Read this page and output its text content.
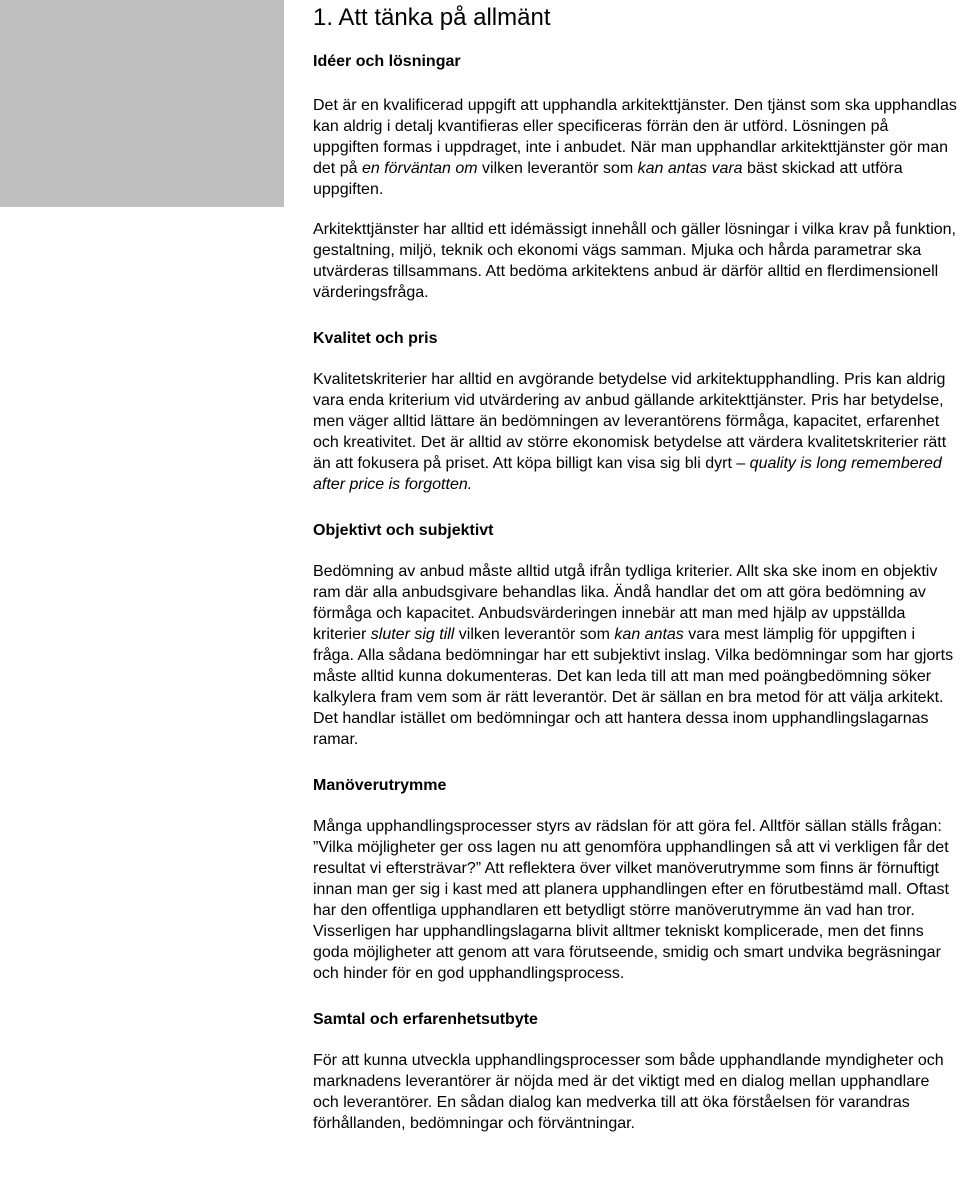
1. Att tänka på allmänt
Idéer och lösningar

Det är en kvalificerad uppgift att upphandla arkitekttjänster. Den tjänst som ska upphandlas kan aldrig i detalj kvantifieras eller specificeras förrän den är utförd. Lösningen på uppgiften formas i uppdraget, inte i anbudet. När man upphandlar arkitekttjänster gör man det på en förväntan om vilken leverantör som kan antas vara bäst skickad att utföra uppgiften.

Arkitekttjänster har alltid ett idémässigt innehåll och gäller lösningar i vilka krav på funktion, gestaltning, miljö, teknik och ekonomi vägs samman. Mjuka och hårda parametrar ska utvärderas tillsammans. Att bedöma arkitektens anbud är därför alltid en flerdimensionell värderingsfråga.

Kvalitet och pris

Kvalitetskriterier har alltid en avgörande betydelse vid arkitektupphandling. Pris kan aldrig vara enda kriterium vid utvärdering av anbud gällande arkitekttjänster. Pris har betydelse, men väger alltid lättare än bedömningen av leverantörens förmåga, kapacitet, erfarenhet och kreativitet. Det är alltid av större ekonomisk betydelse att värdera kvalitetskriterier rätt än att fokusera på priset. Att köpa billigt kan visa sig bli dyrt – quality is long remembered after price is forgotten.

Objektivt och subjektivt

Bedömning av anbud måste alltid utgå ifrån tydliga kriterier. Allt ska ske inom en objektiv ram där alla anbudsgivare behandlas lika. Ändå handlar det om att göra bedömning av förmåga och kapacitet. Anbudsvärderingen innebär att man med hjälp av uppställda kriterier sluter sig till vilken leverantör som kan antas vara mest lämplig för uppgiften i fråga. Alla sådana bedömningar har ett subjektivt inslag. Vilka bedömningar som har gjorts måste alltid kunna dokumenteras. Det kan leda till att man med poängbedömning söker kalkylera fram vem som är rätt leverantör. Det är sällan en bra metod för att välja arkitekt. Det handlar istället om bedömningar och att hantera dessa inom upphandlingslagarnas ramar.

Manöverutrymme

Många upphandlingsprocesser styrs av rädslan för att göra fel. Alltför sällan ställs frågan: ”Vilka möjligheter ger oss lagen nu att genomföra upphandlingen så att vi verkligen får det resultat vi eftersträvar?” Att reflektera över vilket manöverutrymme som finns är förnuftigt innan man ger sig i kast med att planera upphandlingen efter en förutbestämd mall. Oftast har den offentliga upphandlaren ett betydligt större manöverutrymme än vad han tror. Visserligen har upphandlingslagarna blivit alltmer tekniskt komplicerade, men det finns goda möjligheter att genom att vara förutseende, smidig och smart undvika begräsningar och hinder för en god upphandlingsprocess.

Samtal och erfarenhetsutbyte

För att kunna utveckla upphandlingsprocesser som både upphandlande myndigheter och marknadens leverantörer är nöjda med är det viktigt med en dialog mellan upphandlare och leverantörer. En sådan dialog kan medverka till att öka förståelsen för varandras förhållanden, bedömningar och förväntningar.
